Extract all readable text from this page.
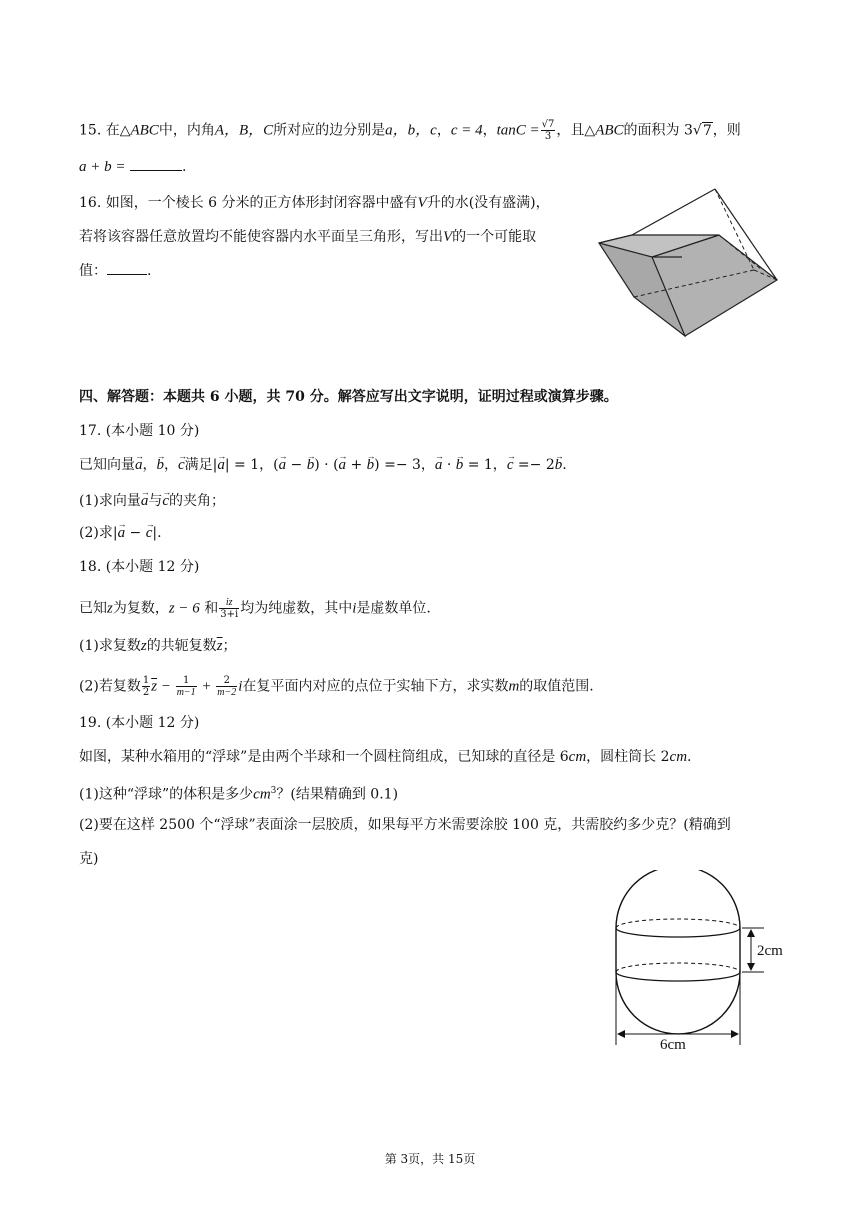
15. 在△ABC中，内角A，B，C所对应的边分别是a，b，c，c = 4，$\tan C = \frac{√7}{3}$ ，且△ABC的面积为 3√7，则
a + b =	.
16. 如图，一个棱长 6 分米的正方体形封闭容器中盛有V升的水(没有盛满)，
若将该容器任意放置均不能使容器内水平面呈三角形，写出V的一个可能取
值：	.
四、解答题：本题共 6 小题，共 70 分。解答应写出文字说明，证明过程或演算步骤。
17. (本小题 10 分)
已知向量→ a，→ b，→ c满足|→ a| = 1，(→ a − → b) · (→ a + → b) =− 3，→ a · → b = 1，→ c =− 2→ b.
(1)求向量→ a与→ c的夹角；
(2)求|→ a − → c|.
18. (本小题 12 分)
已知z为复数，z − 6 和 $\frac{iz}{3+i}$ 均为纯虚数，其中i是虚数单位.
(1)求复数z的共轭复数$\overline{z}$；
(2)若复数 $\frac{1}{2} \overline{z} - \frac{1}{m-1} + \frac{2}{m-2}$ i在复平面内对应的点位于实轴下方，求实数m的取值范围.
19. (本小题 12 分)
如图，某种水箱用的“浮球”是由两个半球和一个圆柱筒组成，已知球的直径是 6cm，圆柱筒长 2cm.
(1)这种“浮球”的体积是多少$cm^3$？(结果精确到 0.1)
(2)要在这样 2500 个“浮球”表面涂一层胶质，如果每平方米需要涂胶 100 克，共需胶约多少克？(精确到
克)
2cm
6cm
第 3页，共 15页
